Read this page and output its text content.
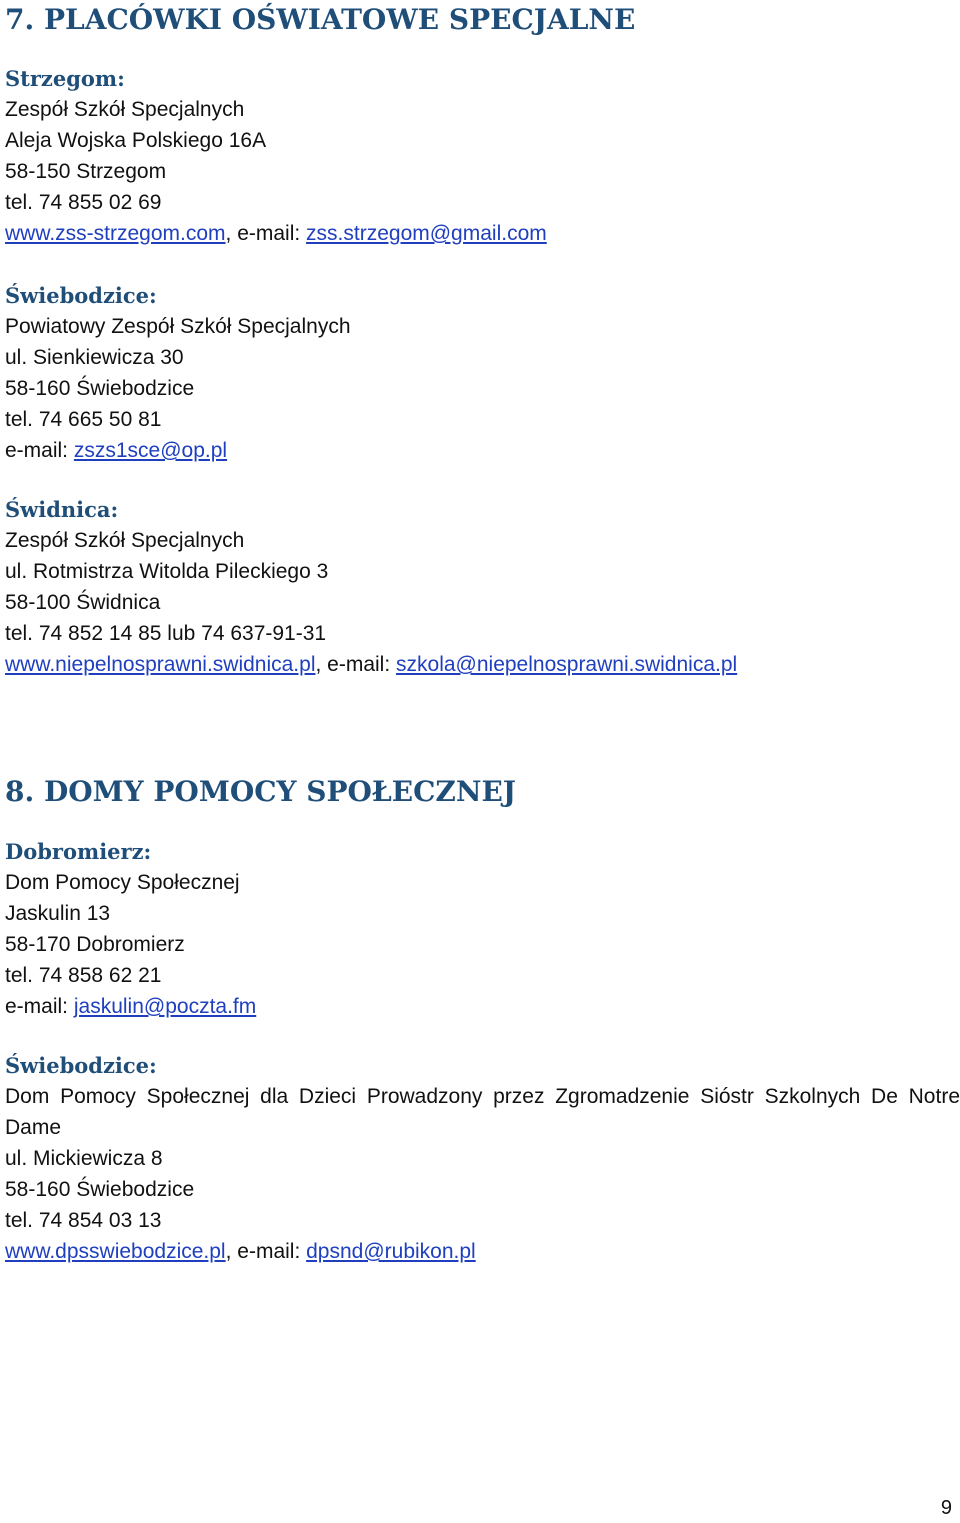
7. PLACÓWKI OŚWIATOWE SPECJALNE
Strzegom:
Zespół Szkół Specjalnych
Aleja Wojska Polskiego 16A
58-150 Strzegom
tel. 74 855 02 69
www.zss-strzegom.com, e-mail: zss.strzegom@gmail.com
Świebodzice:
Powiatowy Zespół Szkół Specjalnych
ul. Sienkiewicza 30
58-160 Świebodzice
tel. 74 665 50 81
e-mail: zszs1sce@op.pl
Świdnica:
Zespół Szkół Specjalnych
ul. Rotmistrza Witolda Pileckiego 3
58-100 Świdnica
tel. 74 852 14 85 lub 74 637-91-31
www.niepelnosprawni.swidnica.pl, e-mail: szkola@niepelnosprawni.swidnica.pl
8. DOMY POMOCY SPOŁECZNEJ
Dobromierz:
Dom Pomocy Społecznej
Jaskulin 13
58-170 Dobromierz
tel. 74 858 62 21
e-mail: jaskulin@poczta.fm
Świebodzice:
Dom Pomocy Społecznej dla Dzieci Prowadzony przez Zgromadzenie Sióstr Szkolnych De Notre Dame
ul. Mickiewicza 8
58-160 Świebodzice
tel. 74 854 03 13
www.dpsswiebodzice.pl, e-mail: dpsnd@rubikon.pl
9
